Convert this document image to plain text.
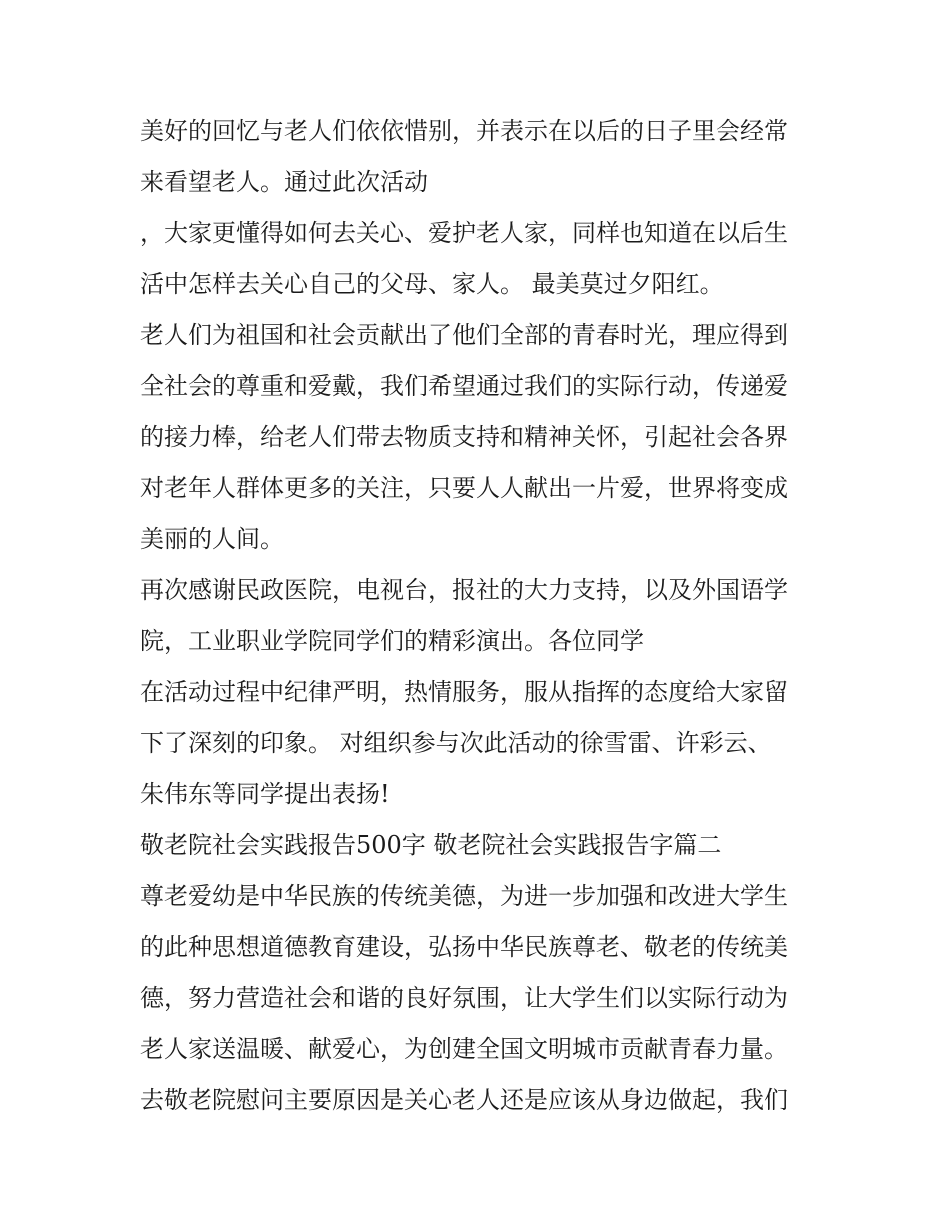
美好的回忆与老人们依依惜别，并表示在以后的日子里会经常
来看望老人。通过此次活动
，大家更懂得如何去关心、爱护老人家，同样也知道在以后生
活中怎样去关心自己的父母、家人。 最美莫过夕阳红。
老人们为祖国和社会贡献出了他们全部的青春时光，理应得到
全社会的尊重和爱戴，我们希望通过我们的实际行动，传递爱
的接力棒，给老人们带去物质支持和精神关怀，引起社会各界
对老年人群体更多的关注，只要人人献出一片爱，世界将变成
美丽的人间。
再次感谢民政医院，电视台，报社的大力支持，以及外国语学
院，工业职业学院同学们的精彩演出。各位同学
在活动过程中纪律严明，热情服务，服从指挥的态度给大家留
下了深刻的印象。 对组织参与次此活动的徐雪雷、许彩云、
朱伟东等同学提出表扬!
敬老院社会实践报告500字 敬老院社会实践报告字篇二
尊老爱幼是中华民族的传统美德，为进一步加强和改进大学生
的此种思想道德教育建设，弘扬中华民族尊老、敬老的传统美
德，努力营造社会和谐的良好氛围，让大学生们以实际行动为
老人家送温暖、献爱心，为创建全国文明城市贡献青春力量。
去敬老院慰问主要原因是关心老人还是应该从身边做起，我们
